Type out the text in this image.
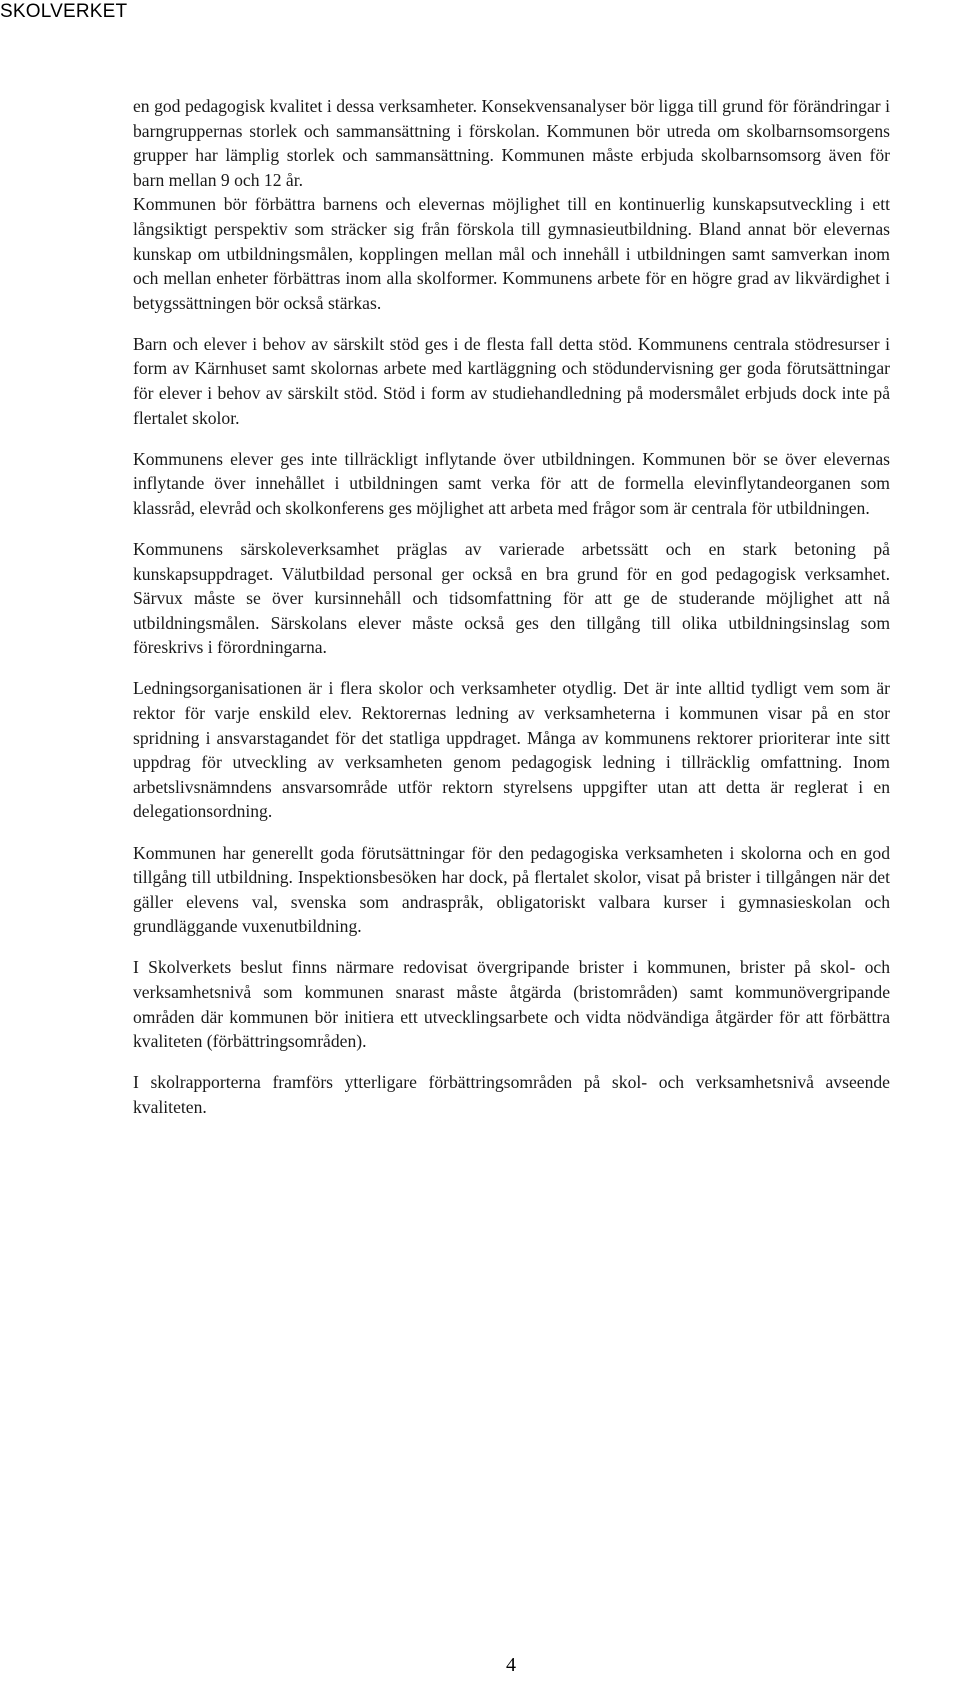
SKOLVERKET

en god pedagogisk kvalitet i dessa verksamheter. Konsekvensanalyser bör ligga till grund för förändringar i barngruppernas storlek och sammansättning i förskolan. Kommunen bör utreda om skolbarnsomsorgens grupper har lämplig storlek och sammansättning. Kommunen måste erbjuda skolbarnsomsorg även för barn mellan 9 och 12 år.

Kommunen bör förbättra barnens och elevernas möjlighet till en kontinuerlig kunskapsutveckling i ett långsiktigt perspektiv som sträcker sig från förskola till gymnasieutbildning. Bland annat bör elevernas kunskap om utbildningsmålen, kopplingen mellan mål och innehåll i utbildningen samt samverkan inom och mellan enheter förbättras inom alla skolformer. Kommunens arbete för en högre grad av likvärdighet i betygssättningen bör också stärkas.

Barn och elever i behov av särskilt stöd ges i de flesta fall detta stöd. Kommunens centrala stödresurser i form av Kärnhuset samt skolornas arbete med kartläggning och stödundervisning ger goda förutsättningar för elever i behov av särskilt stöd. Stöd i form av studiehandledning på modersmålet erbjuds dock inte på flertalet skolor.

Kommunens elever ges inte tillräckligt inflytande över utbildningen. Kommunen bör se över elevernas inflytande över innehållet i utbildningen samt verka för att de formella elevinflytandeorganen som klassråd, elevråd och skolkonferens ges möjlighet att arbeta med frågor som är centrala för utbildningen.

Kommunens särskoleverksamhet präglas av varierade arbetssätt och en stark betoning på kunskapsuppdraget. Välutbildad personal ger också en bra grund för en god pedagogisk verksamhet. Särvux måste se över kursinnehåll och tidsomfattning för att ge de studerande möjlighet att nå utbildningsmålen. Särskolans elever måste också ges den tillgång till olika utbildningsinslag som föreskrivs i förordningarna.

Ledningsorganisationen är i flera skolor och verksamheter otydlig. Det är inte alltid tydligt vem som är rektor för varje enskild elev. Rektorernas ledning av verksamheterna i kommunen visar på en stor spridning i ansvarstagandet för det statliga uppdraget. Många av kommunens rektorer prioriterar inte sitt uppdrag för utveckling av verksamheten genom pedagogisk ledning i tillräcklig omfattning. Inom arbetslivsnämndens ansvarsområde utför rektorn styrelsens uppgifter utan att detta är reglerat i en delegationsordning.

Kommunen har generellt goda förutsättningar för den pedagogiska verksamheten i skolorna och en god tillgång till utbildning. Inspektionsbesöken har dock, på flertalet skolor, visat på brister i tillgången när det gäller elevens val, svenska som andraspråk, obligatoriskt valbara kurser i gymnasieskolan och grundläggande vuxenutbildning.

I Skolverkets beslut finns närmare redovisat övergripande brister i kommunen, brister på skol- och verksamhetsnivå som kommunen snarast måste åtgärda (bristområden) samt kommunövergripande områden där kommunen bör initiera ett utvecklingsarbete och vidta nödvändiga åtgärder för att förbättra kvaliteten (förbättringsområden).

I skolrapporterna framförs ytterligare förbättringsområden på skol- och verksamhetsnivå avseende kvaliteten.

4
